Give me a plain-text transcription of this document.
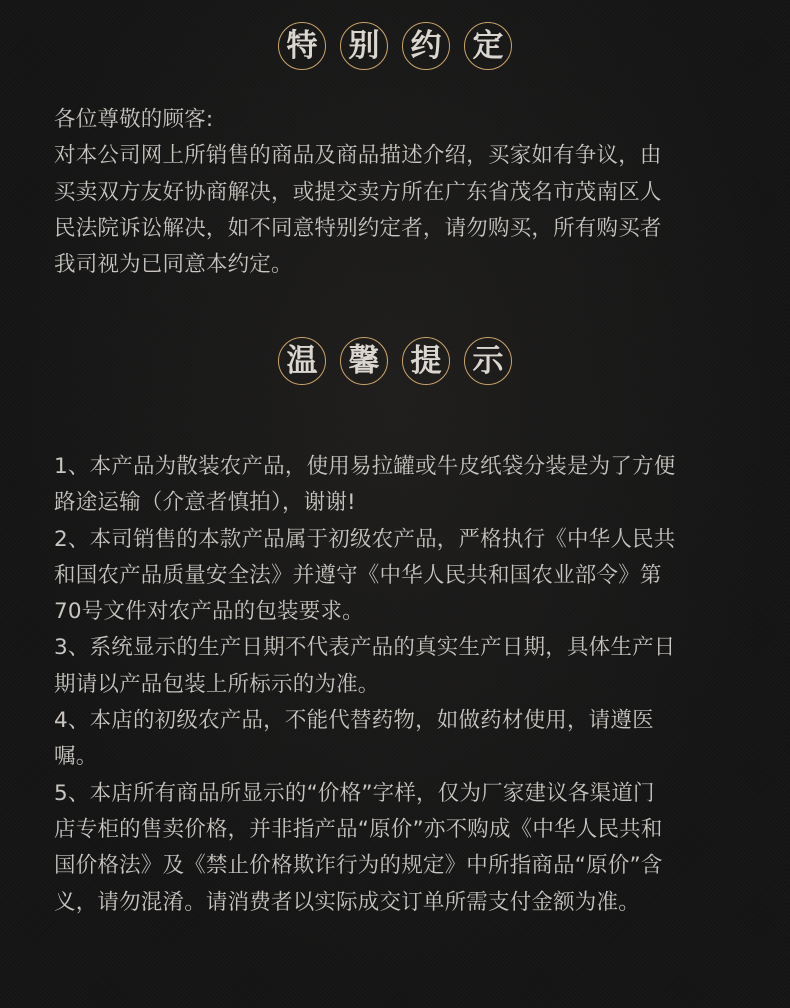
特 别 约 定
各位尊敬的顾客:
对本公司网上所销售的商品及商品描述介绍，买家如有争议，由
买卖双方友好协商解决，或提交卖方所在广东省茂名市茂南区人
民法院诉讼解决，如不同意特别约定者，请勿购买，所有购买者
我司视为已同意本约定。
温 馨 提 示
1、本产品为散装农产品，使用易拉罐或牛皮纸袋分装是为了方便
路途运输（介意者慎拍），谢谢!
2、本司销售的本款产品属于初级农产品，严格执行《中华人民共
和国农产品质量安全法》并遵守《中华人民共和国农业部令》第
70号文件对农产品的包装要求。
3、系统显示的生产日期不代表产品的真实生产日期，具体生产日
期请以产品包装上所标示的为准。
4、本店的初级农产品，不能代替药物，如做药材使用，请遵医
嘱。
5、本店所有商品所显示的“价格”字样，仅为厂家建议各渠道门
店专柜的售卖价格，并非指产品“原价”亦不购成《中华人民共和
国价格法》及《禁止价格欺诈行为的规定》中所指商品“原价”含
义，请勿混淆。请消费者以实际成交订单所需支付金额为准。
